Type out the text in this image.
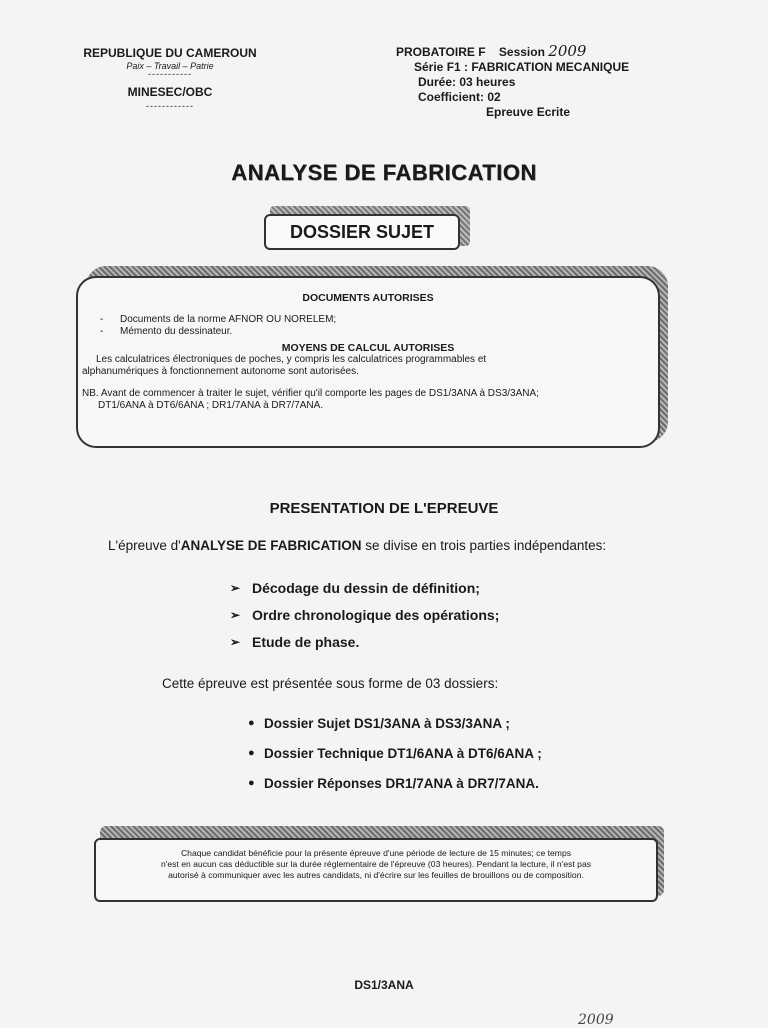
REPUBLIQUE DU CAMEROUN
Paix – Travail – Patrie
-----------
MINESEC/OBC
------------
PROBATOIRE F Session 2009
Série F1 : FABRICATION MECANIQUE
Durée: 03 heures
Coefficient: 02
Epreuve Ecrite
ANALYSE DE FABRICATION
DOSSIER SUJET
DOCUMENTS AUTORISES
- Documents de la norme AFNOR OU NORELEM;
- Mémento du dessinateur.
MOYENS DE CALCUL AUTORISES
Les calculatrices électroniques de poches, y compris les calculatrices programmables et
alphanumériques à fonctionnement autonome sont autorisées.
NB. Avant de commencer à traiter le sujet, vérifier qu'il comporte les pages de DS1/3ANA à DS3/3ANA;
DT1/6ANA à DT6/6ANA ; DR1/7ANA à DR7/7ANA.
PRESENTATION DE L'EPREUVE
L'épreuve d'ANALYSE DE FABRICATION se divise en trois parties indépendantes:
➢ Décodage du dessin de définition;
➢ Ordre chronologique des opérations;
➢ Etude de phase.
Cette épreuve est présentée sous forme de 03 dossiers:
● Dossier Sujet DS1/3ANA à DS3/3ANA ;
● Dossier Technique DT1/6ANA à DT6/6ANA ;
● Dossier Réponses DR1/7ANA à DR7/7ANA.
Chaque candidat bénéficie pour la présente épreuve d'une période de lecture de 15 minutes; ce temps
n'est en aucun cas déductible sur la durée réglementaire de l'épreuve (03 heures). Pendant la lecture, il n'est pas
autorisé à communiquer avec les autres candidats, ni d'écrire sur les feuilles de brouillons ou de composition.
DS1/3ANA
2009
